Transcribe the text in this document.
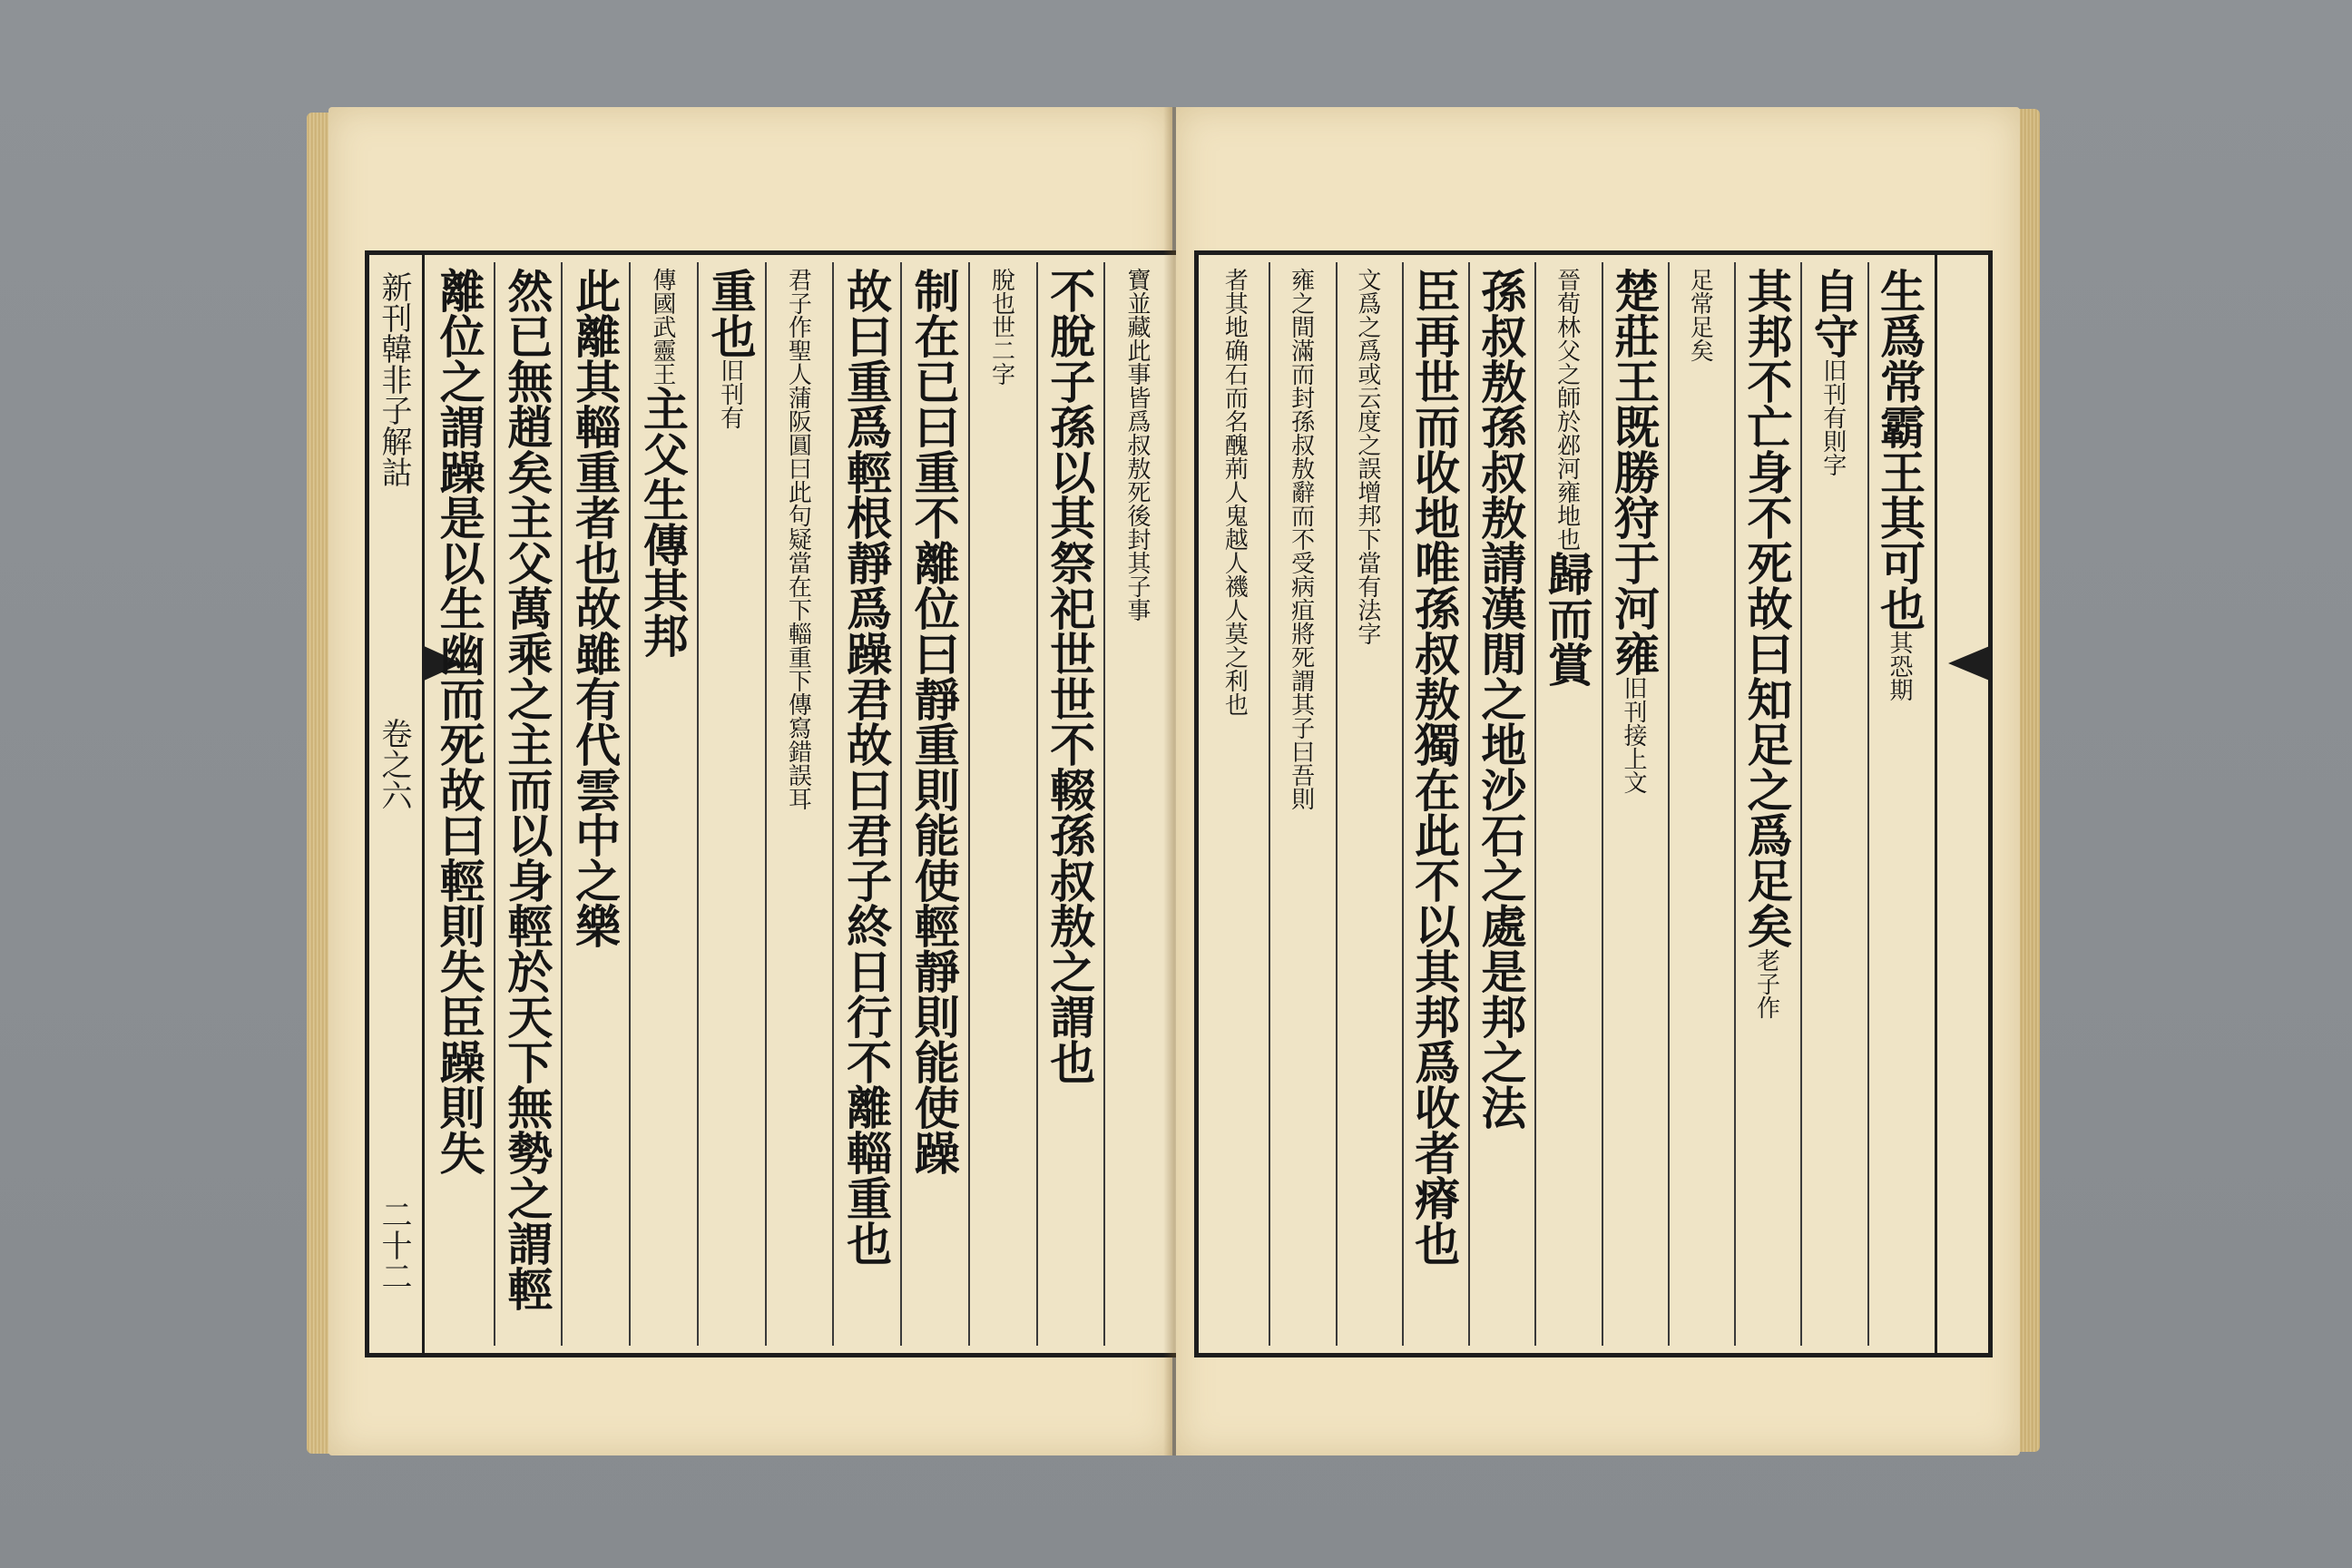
新刊韓非子解詁
卷之六
二十二
寶並藏此事皆爲叔敖死後封其子事
不脫子孫以其祭祀世世不輟孫叔敖之謂也
脫也世二字
制在已曰重不離位曰靜重則能使輕靜則能使躁
故曰重爲輕根靜爲躁君故曰君子終日行不離輜重也
君子作聖人蒲阪圓曰此句疑當在下輜重下傳寫錯誤耳
重也旧刊有
傳國武靈王主父生傳其邦
此離其輜重者也故雖有代雲中之樂
然已無趙矣主父萬乘之主而以身輕於天下無勢之謂輕
離位之謂躁是以生幽而死故曰輕則失臣躁則失	生爲常霸王其可也其恐期
自守旧刊有則字
其邦不亡身不死故曰知足之爲足矣老子作
足常足矣
楚莊王既勝狩于河雍旧刊接上文
晉荀林父之師於邲河雍地也歸而賞
孫叔敖孫叔敖請漢閒之地沙石之處是邦之法
臣再世而收地唯孫叔敖獨在此不以其邦爲收者瘠也
文爲之爲或云度之誤增邦下當有法字
雍之間滿而封孫叔敖辭而不受病疽將死謂其子曰吾則
者其地确石而名醜荊人鬼越人禨人莫之利也
